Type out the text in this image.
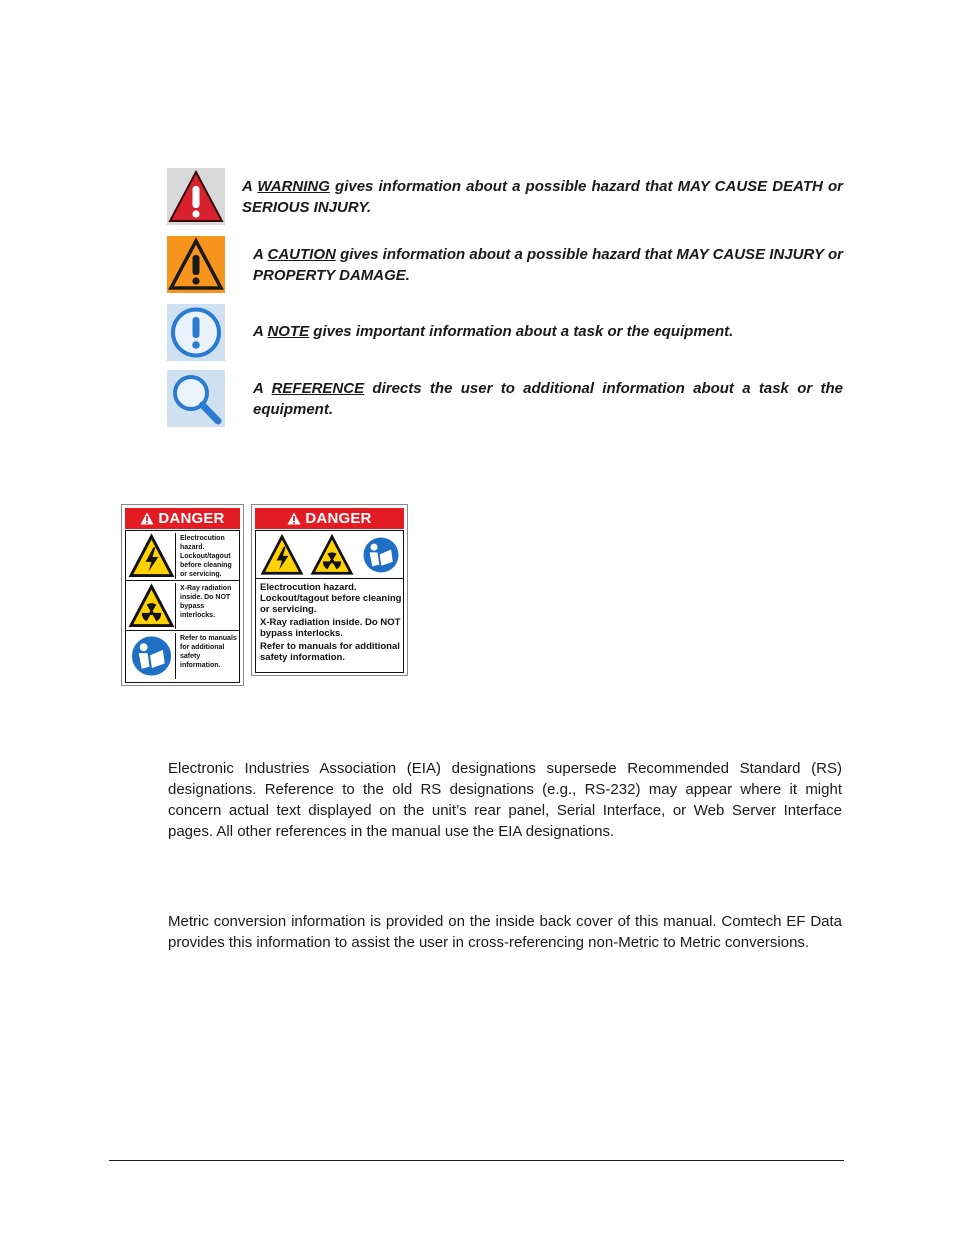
A WARNING gives information about a possible hazard that MAY CAUSE DEATH or SERIOUS INJURY.
A CAUTION gives information about a possible hazard that MAY CAUSE INJURY or PROPERTY DAMAGE.
A NOTE gives important information about a task or the equipment.
A REFERENCE directs the user to additional information about a task or the equipment.
DANGER
Electrocution hazard. Lockout/tagout before cleaning or servicing.
X-Ray radiation inside. Do NOT bypass interlocks.
Refer to manuals for additional safety information.
DANGER

Electrocution hazard. Lockout/tagout before cleaning or servicing.

X-Ray radiation inside. Do NOT bypass interlocks.

Refer to manuals for additional safety information.

Electronic Industries Association (EIA) designations supersede Recommended Standard (RS) designations. Reference to the old RS designations (e.g., RS-232) may appear where it might concern actual text displayed on the unit’s rear panel, Serial Interface, or Web Server Interface pages. All other references in the manual use the EIA designations.

Metric conversion information is provided on the inside back cover of this manual. Comtech EF Data provides this information to assist the user in cross-referencing non-Metric to Metric conversions.
